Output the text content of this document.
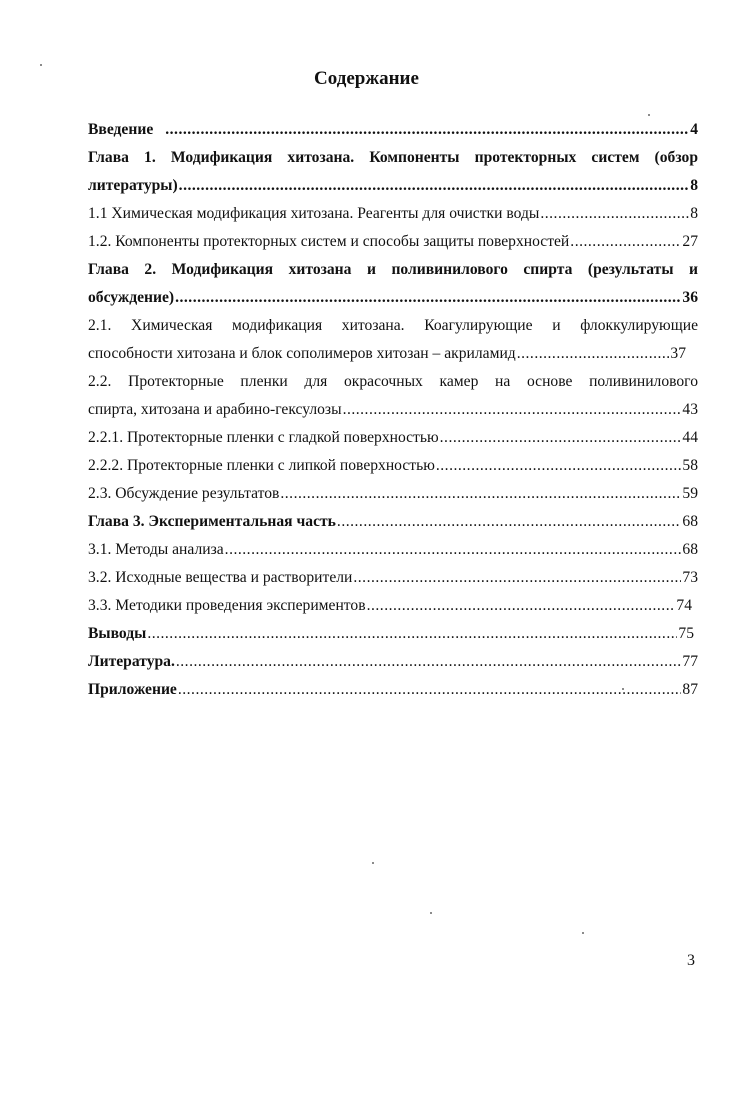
Содержание
Введение .....	4
Глава 1. Модификация хитозана. Компоненты протекторных систем (обзор
литературы) .....	8
1.1 Химическая модификация хитозана. Реагенты для очистки воды .....	8
1.2. Компоненты протекторных систем и способы защиты поверхностей .....	27
Глава 2. Модификация хитозана и поливинилового спирта (результаты и
обсуждение) .....	36
2.1. Химическая модификация хитозана. Коагулирующие и флоккулирующие
способности хитозана и блок сополимеров хитозан – акриламид .....	37
2.2. Протекторные пленки для окрасочных камер на основе поливинилового
спирта, хитозана и арабино-гексулозы .....	43
2.2.1. Протекторные пленки с гладкой поверхностью .....	44
2.2.2. Протекторные пленки с липкой поверхностью .....	58
2.3. Обсуждение результатов .....	59
Глава 3. Экспериментальная часть .....	68
3.1. Методы анализа .....	68
3.2. Исходные вещества и растворители .....	73
3.3. Методики проведения экспериментов .....	74
Выводы .....	75
Литература. .....	77
Приложение .....	87
3
